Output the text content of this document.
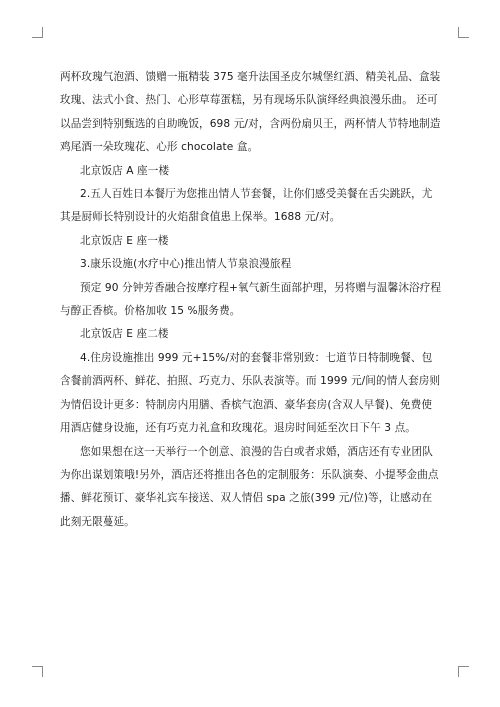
两杯玫瑰气泡酒、馈赠一瓶精装 375 毫升法国圣皮尔城堡红酒、精美礼品、盒装玫瑰、法式小食、热门、心形草莓蛋糕，另有现场乐队演绎经典浪漫乐曲。 还可以品尝到特别甄选的自助晚饭，698 元/对，含两份扇贝王，两杯情人节特地制造鸡尾酒一朵玫瑰花、心形 chocolate 盒。

北京饭店 A 座一楼

2.五人百姓日本餐厅为您推出情人节套餐，让你们感受美餐在舌尖跳跃，尤其是厨师长特别设计的火焰甜食值患上保举。1688 元/对。

北京饭店 E 座一楼

3.康乐设施(水疗中心)推出情人节泉浪漫旅程

预定 90 分钟芳香融合按摩疗程+氧气新生面部护理，另将赠与温馨沐浴疗程与醇正香槟。价格加收 15 %服务费。

北京饭店 E 座二楼

4.住房设施推出 999 元+15%/对的套餐非常别致：七道节日特制晚餐、包含餐前酒两杯、鲜花、拍照、巧克力、乐队表演等。而 1999 元/间的情人套房则为情侣设计更多：特制房内用膳、香槟气泡酒、豪华套房(含双人早餐)、免费使用酒店健身设施，还有巧克力礼盒和玫瑰花。退房时间延至次日下午 3 点。

您如果想在这一天举行一个创意、浪漫的告白或者求婚，酒店还有专业团队为你出谋划策哦!另外，酒店还将推出各色的定制服务：乐队演奏、小提琴金曲点播、鲜花预订、豪华礼宾车接送、双人情侣 spa 之旅(399 元/位)等，让感动在此刻无限蔓延。
